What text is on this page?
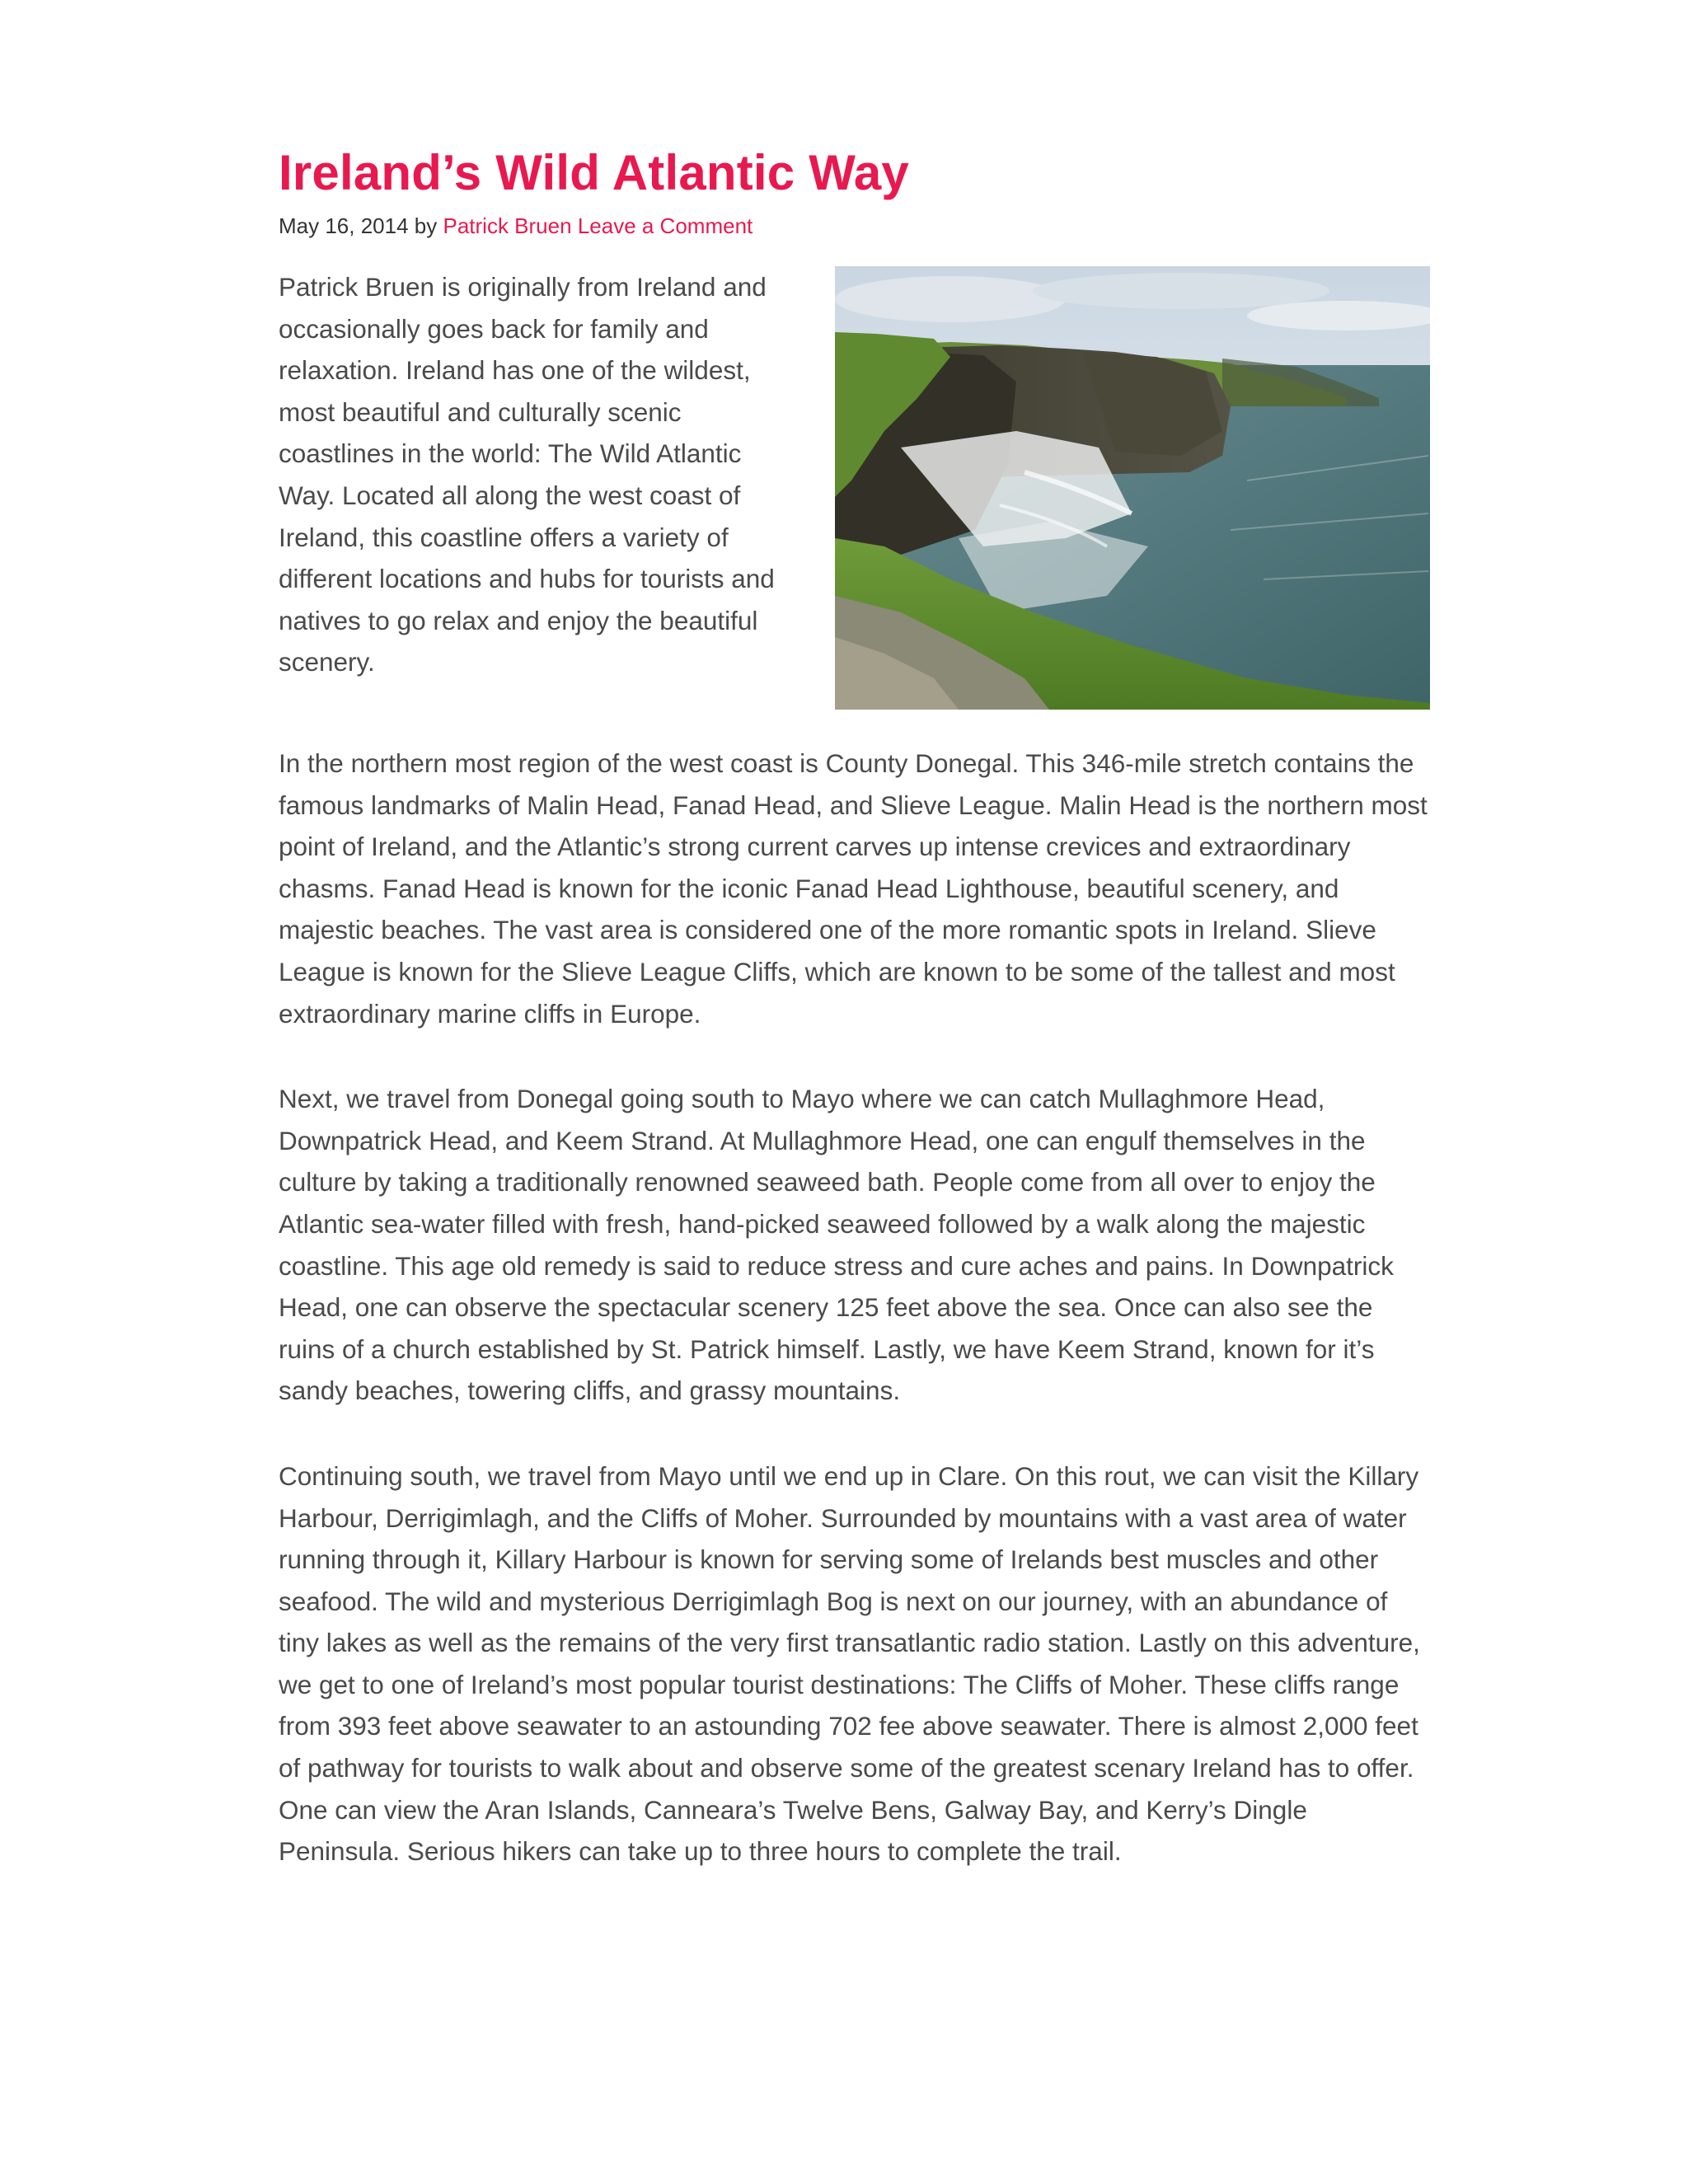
Ireland’s Wild Atlantic Way
May 16, 2014 by Patrick Bruen Leave a Comment

Patrick Bruen is originally from Ireland and occasionally goes back for family and relaxation. Ireland has one of the wildest, most beautiful and culturally scenic coastlines in the world: The Wild Atlantic Way. Located all along the west coast of Ireland, this coastline offers a variety of different locations and hubs for tourists and natives to go relax and enjoy the beautiful scenery.

In the northern most region of the west coast is County Donegal. This 346-mile stretch contains the famous landmarks of Malin Head, Fanad Head, and Slieve League. Malin Head is the northern most point of Ireland, and the Atlantic’s strong current carves up intense crevices and extraordinary chasms. Fanad Head is known for the iconic Fanad Head Lighthouse, beautiful scenery, and majestic beaches. The vast area is considered one of the more romantic spots in Ireland. Slieve League is known for the Slieve League Cliffs, which are known to be some of the tallest and most extraordinary marine cliffs in Europe.

Next, we travel from Donegal going south to Mayo where we can catch Mullaghmore Head, Downpatrick Head, and Keem Strand. At Mullaghmore Head, one can engulf themselves in the culture by taking a traditionally renowned seaweed bath. People come from all over to enjoy the Atlantic sea-water filled with fresh, hand-picked seaweed followed by a walk along the majestic coastline. This age old remedy is said to reduce stress and cure aches and pains. In Downpatrick Head, one can observe the spectacular scenery 125 feet above the sea. Once can also see the ruins of a church established by St. Patrick himself. Lastly, we have Keem Strand, known for it’s sandy beaches, towering cliffs, and grassy mountains.

Continuing south, we travel from Mayo until we end up in Clare. On this rout, we can visit the Killary Harbour, Derrigimlagh, and the Cliffs of Moher. Surrounded by mountains with a vast area of water running through it, Killary Harbour is known for serving some of Irelands best muscles and other seafood. The wild and mysterious Derrigimlagh Bog is next on our journey, with an abundance of tiny lakes as well as the remains of the very first transatlantic radio station. Lastly on this adventure, we get to one of Ireland’s most popular tourist destinations: The Cliffs of Moher. These cliffs range from 393 feet above seawater to an astounding 702 fee above seawater. There is almost 2,000 feet of pathway for tourists to walk about and observe some of the greatest scenary Ireland has to offer. One can view the Aran Islands, Canneara’s Twelve Bens, Galway Bay, and Kerry’s Dingle Peninsula. Serious hikers can take up to three hours to complete the trail.
